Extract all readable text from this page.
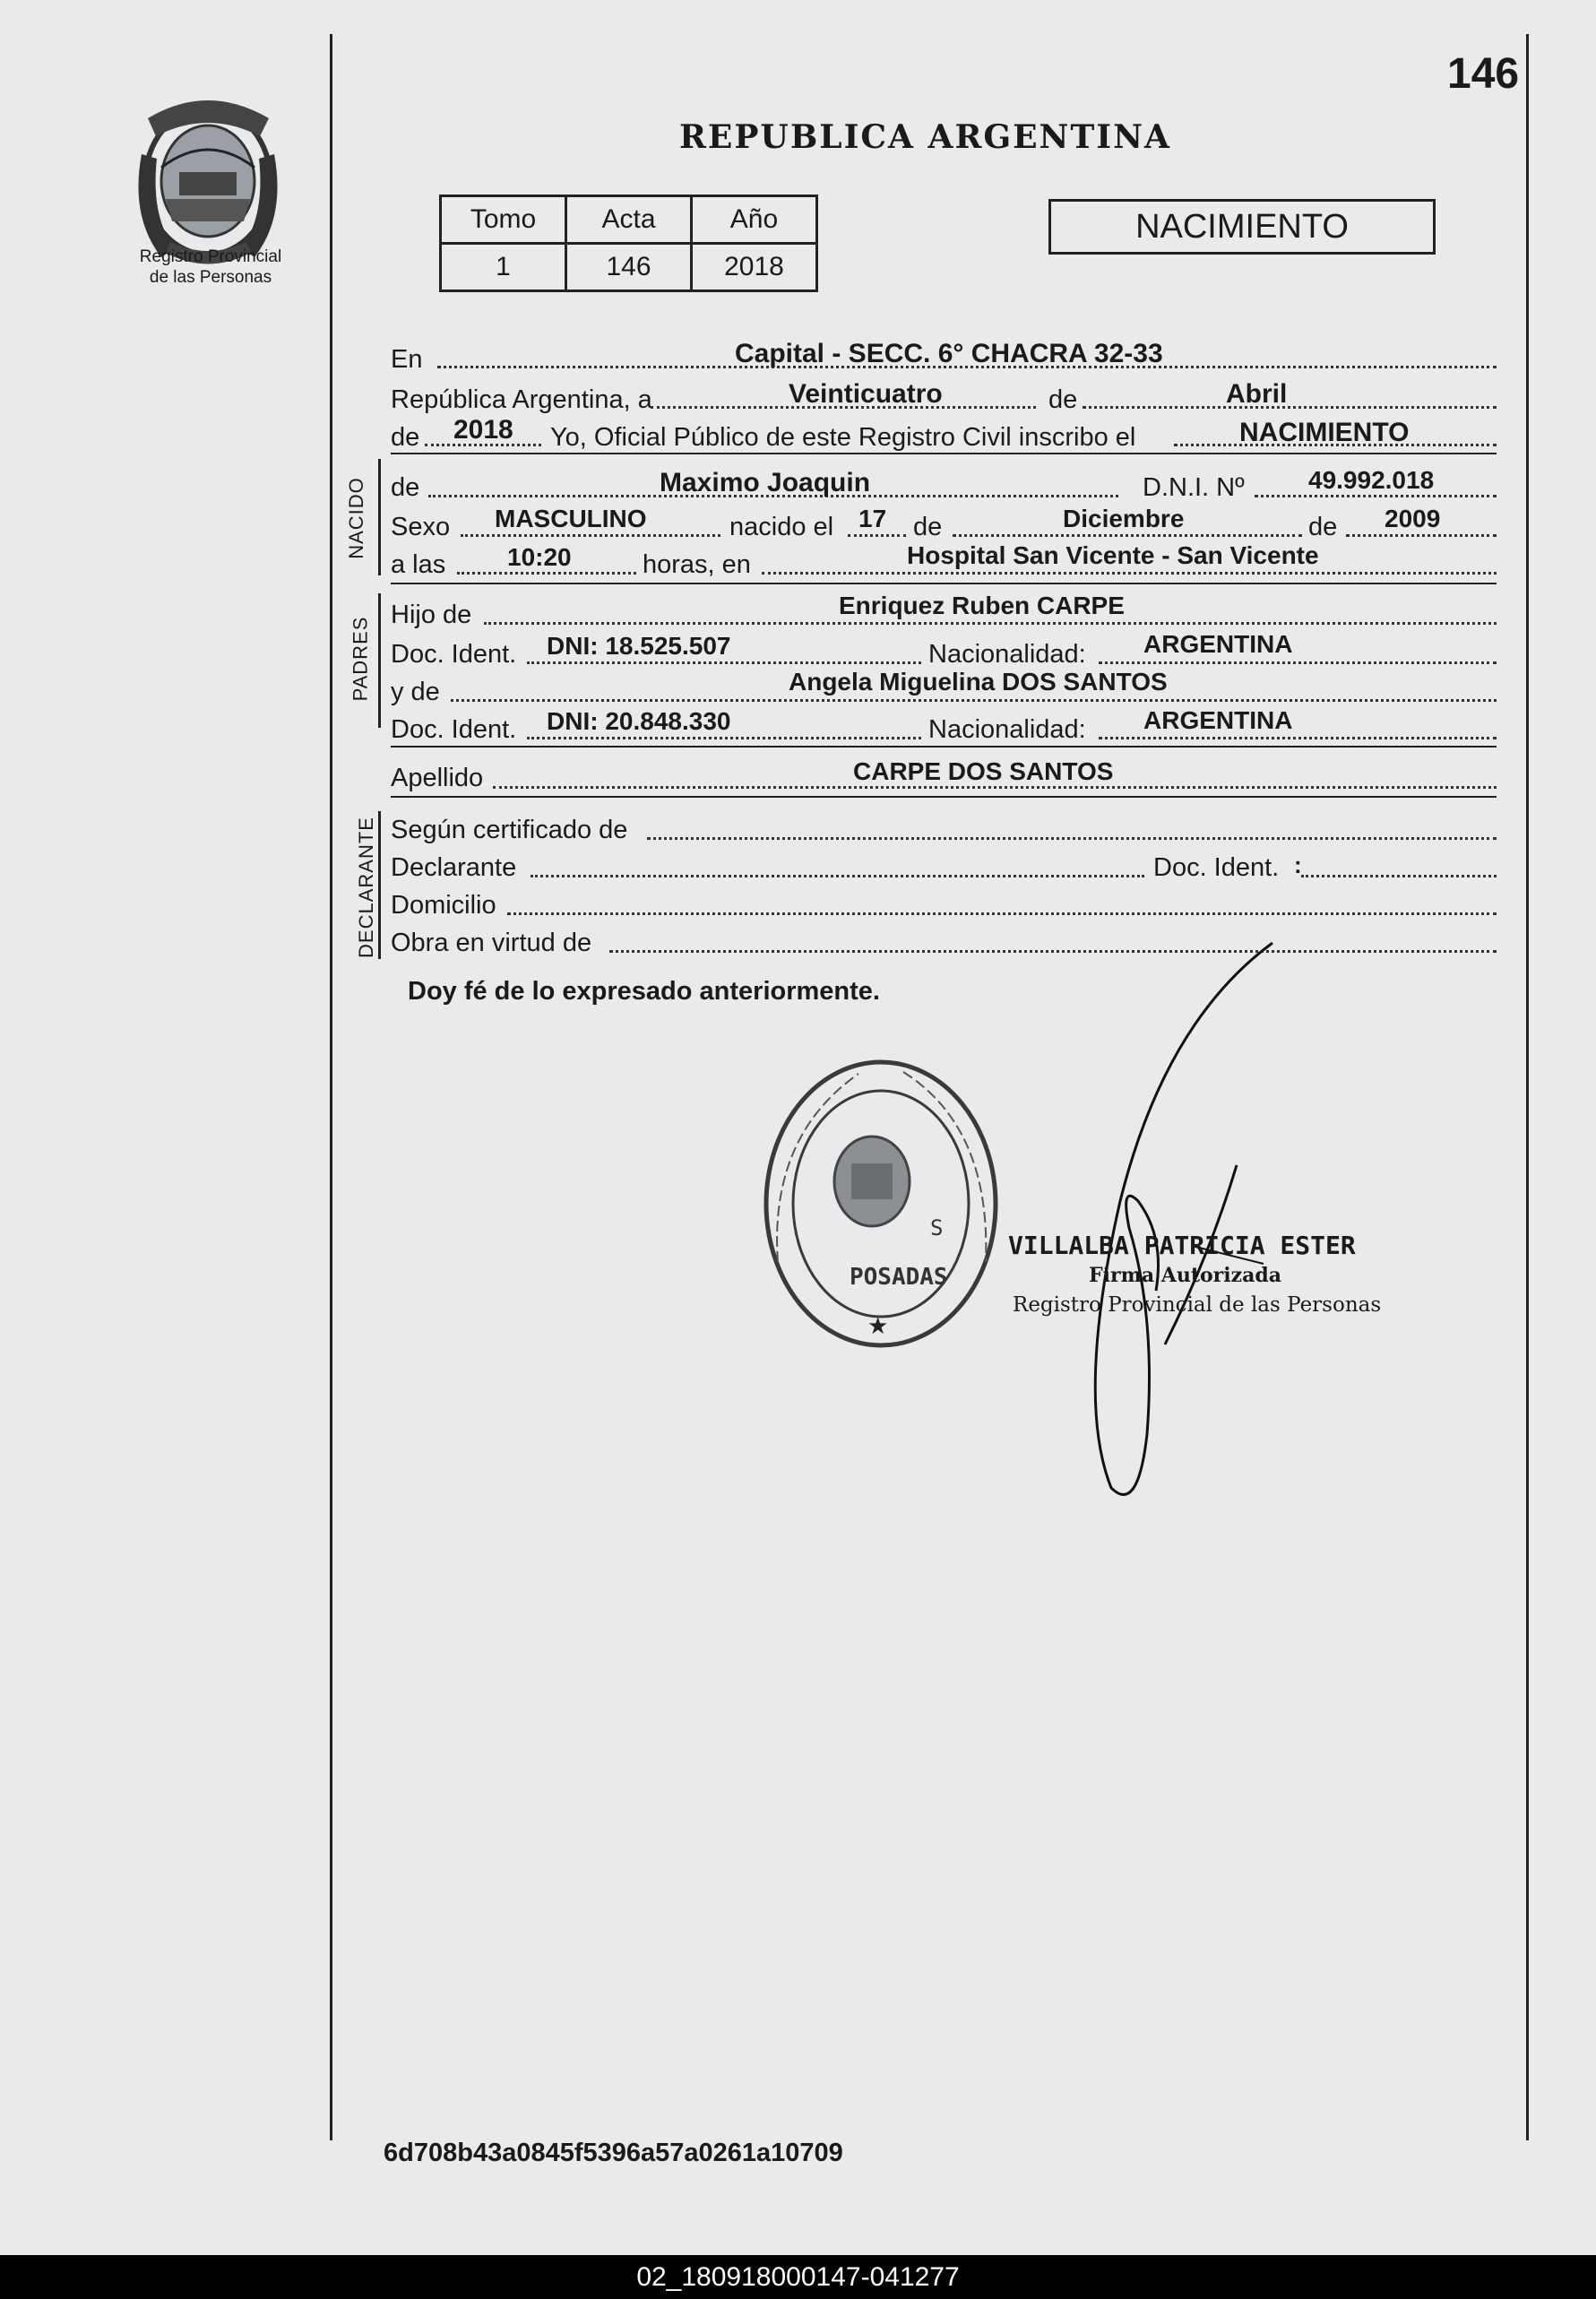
Registro Provincial
de las Personas
146
REPUBLICA ARGENTINA
Tomo	Acta	Año
1	146	2018
NACIMIENTO
En	Capital - SECC. 6° CHACRA 32-33
República Argentina, a	Veinticuatro	de	Abril
de 2018 Yo, Oficial Público de este Registro Civil inscribo el	NACIMIENTO
NACIDO de	Maximo Joaquin	D.N.I. Nº	49.992.018
Sexo MASCULINO	nacido el 17 de	Diciembre	de 2009
a las 10:20	horas, en	Hospital San Vicente - San Vicente
PADRES
Hijo de	Enriquez Ruben CARPE
Doc. Ident. DNI: 18.525.507	Nacionalidad: ARGENTINA
y de	Angela Miguelina DOS SANTOS
Doc. Ident. DNI: 20.848.330	Nacionalidad: ARGENTINA
Apellido	CARPE DOS SANTOS
DECLARANTE Según certificado de
Declarante	Doc. Ident. :
Domicilio
Obra en virtud de
Doy fé de lo expresado anteriormente.
S
POSADAS
★
VILLALBA PATRICIA ESTER
Firma Autorizada
Registro Provincial de las Personas
6d708b43a0845f5396a57a0261a10709
02_180918000147-041277
